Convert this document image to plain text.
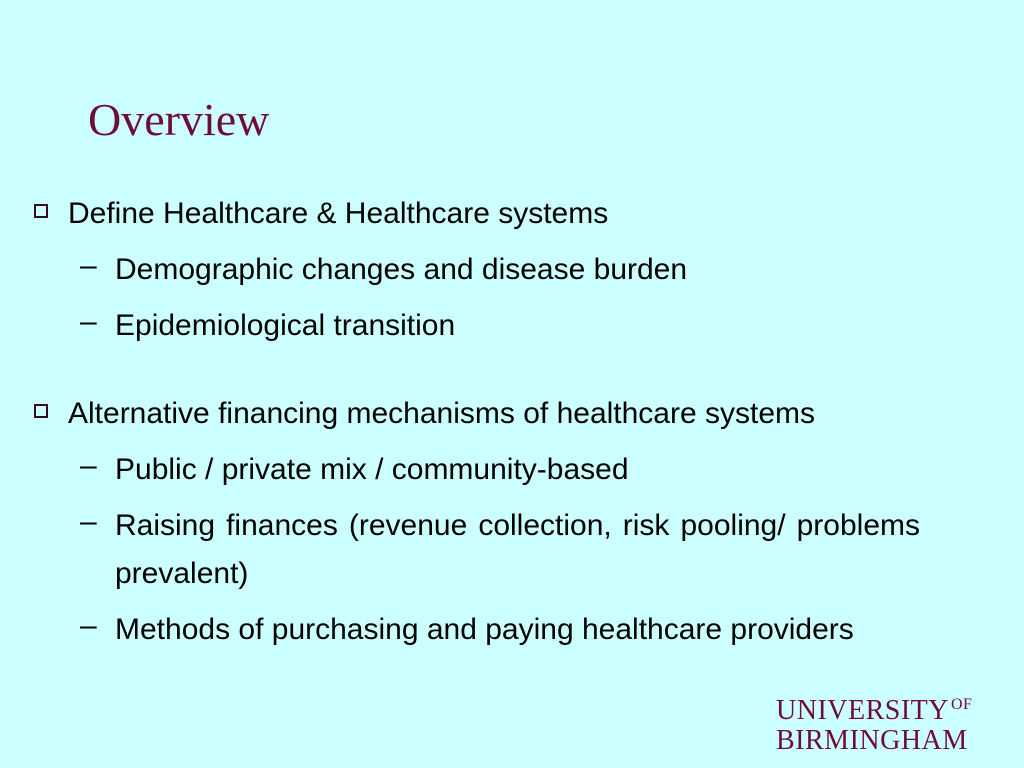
Overview
Define Healthcare & Healthcare systems
– Demographic changes and disease burden
– Epidemiological transition
Alternative financing mechanisms of healthcare systems
– Public / private mix / community-based
– Raising finances (revenue collection, risk pooling/ problems prevalent)
– Methods of purchasing and paying healthcare providers
UNIVERSITY $^{OF}$
BIRMINGHAM
